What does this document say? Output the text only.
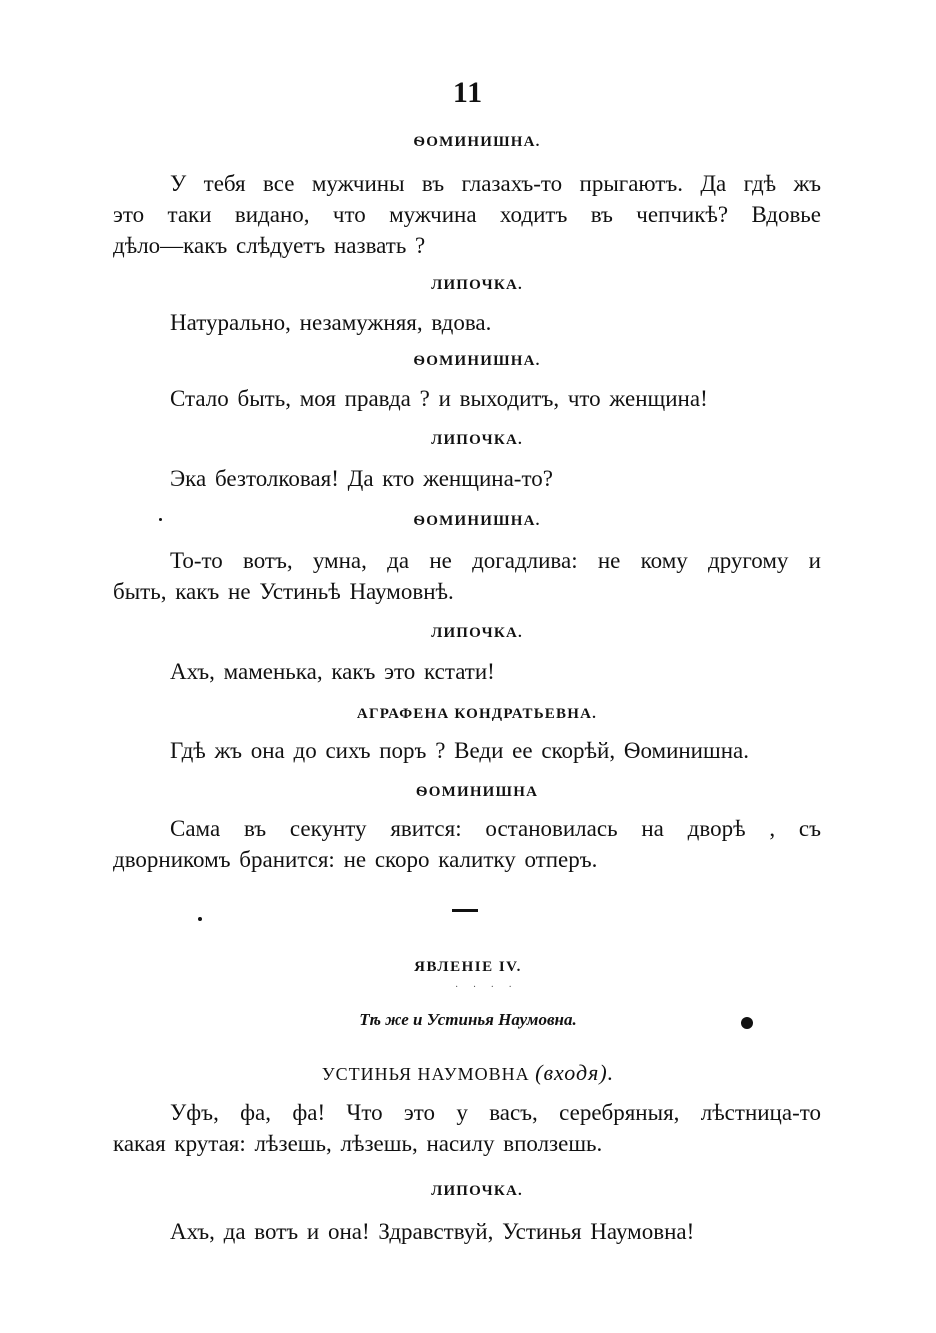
11
ѲОМИНИШНА.
У тебя все мужчины въ глазахъ-то прыгаютъ. Да гдѣ жъ
это таки видано, что мужчина ходитъ въ чепчикѣ? Вдовье
дѣло—какъ слѣдуетъ назвать ?
ЛИПОЧКА.
Натурально, незамужняя, вдова.
ѲОМИНИШНА.
Стало быть, моя правда ? и выходитъ, что женщина!
ЛИПОЧКА.
Эка безтолковая! Да кто женщина-то?
ѲОМИНИШНА.
То-то вотъ, умна, да не догадлива: не кому другому и
быть, какъ не Устиньѣ Наумовнѣ.
ЛИПОЧКА.
Ахъ, маменька, какъ это кстати!
АГРАФЕНА КОНДРАТЬЕВНА.
Гдѣ жъ она до сихъ поръ ? Веди ее скорѣй, Ѳоминишна.
ѲОМИНИШНА
Сама въ секунту явится: остановилась на дворѣ , съ
дворникомъ бранится: не скоро калитку отперъ.
ЯВЛЕНІЕ IV.
· · · ·
Тѣ же и Устинья Наумовна.
УСТИНЬЯ НАУМОВНА (входя).
Уфъ, фа, фа! Что это у васъ, серебряныя, лѣстница-то
какая крутая: лѣзешь, лѣзешь, насилу вползешь.
ЛИПОЧКА.
Ахъ, да вотъ и она! Здравствуй, Устинья Наумовна!
